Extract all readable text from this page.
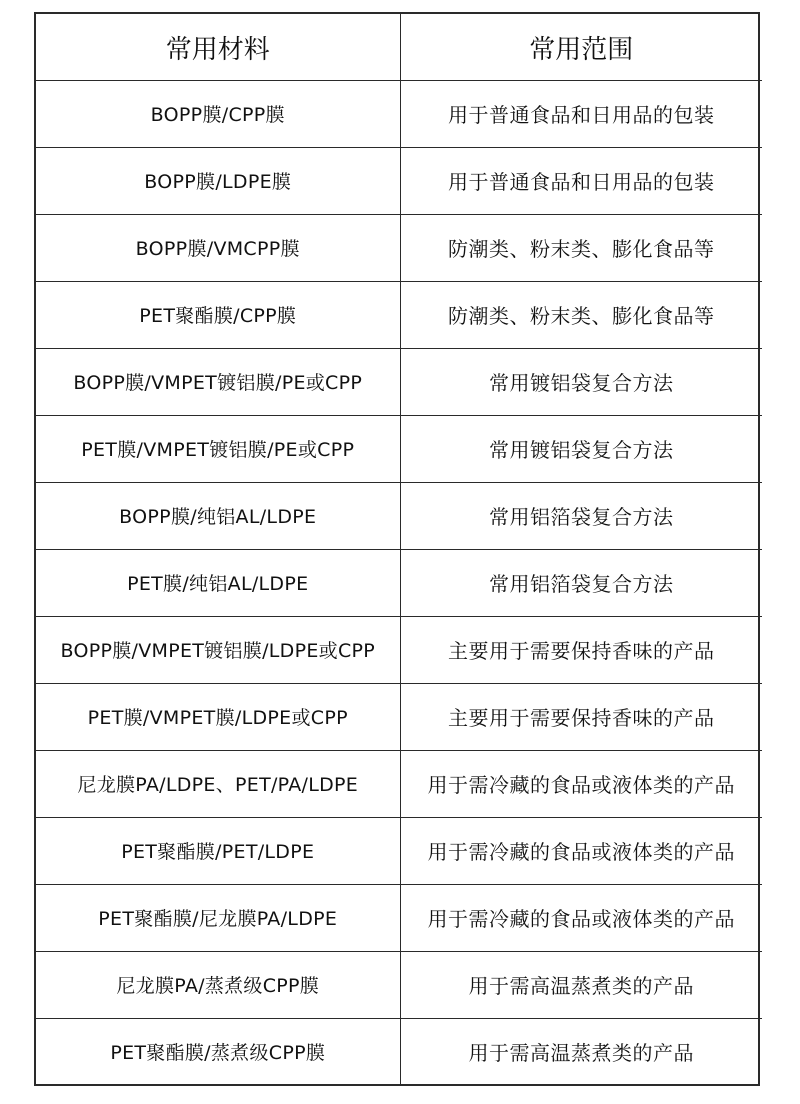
常用材料	常用范围
BOPP膜/CPP膜	用于普通食品和日用品的包装
BOPP膜/LDPE膜	用于普通食品和日用品的包装
BOPP膜/VMCPP膜	防潮类、粉末类、膨化食品等
PET聚酯膜/CPP膜	防潮类、粉末类、膨化食品等
BOPP膜/VMPET镀铝膜/PE或CPP	常用镀铝袋复合方法
PET膜/VMPET镀铝膜/PE或CPP	常用镀铝袋复合方法
BOPP膜/纯铝AL/LDPE	常用铝箔袋复合方法
PET膜/纯铝AL/LDPE	常用铝箔袋复合方法
BOPP膜/VMPET镀铝膜/LDPE或CPP	主要用于需要保持香味的产品
PET膜/VMPET膜/LDPE或CPP	主要用于需要保持香味的产品
尼龙膜PA/LDPE、PET/PA/LDPE	用于需冷藏的食品或液体类的产品
PET聚酯膜/PET/LDPE	用于需冷藏的食品或液体类的产品
PET聚酯膜/尼龙膜PA/LDPE	用于需冷藏的食品或液体类的产品
尼龙膜PA/蒸煮级CPP膜	用于需高温蒸煮类的产品
PET聚酯膜/蒸煮级CPP膜	用于需高温蒸煮类的产品
